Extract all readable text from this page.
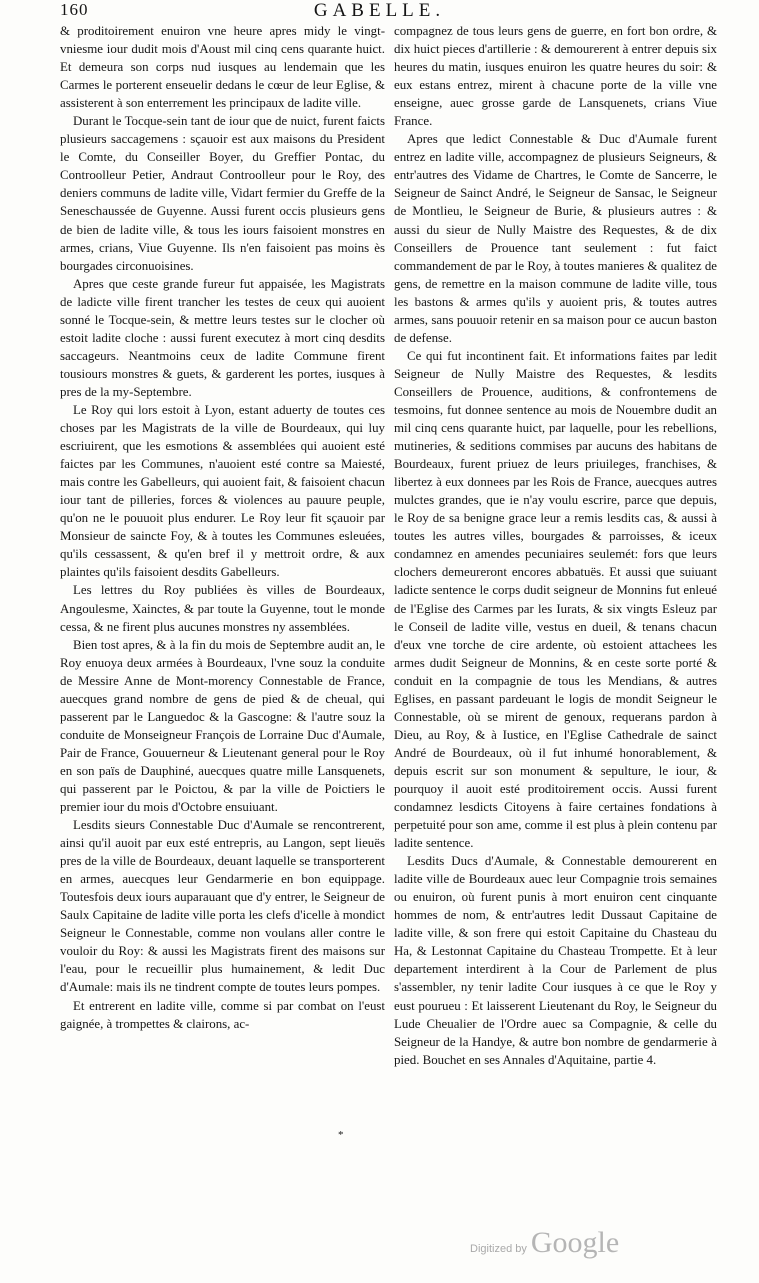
160	GABELLE.

& proditoirement enuiron vne heure apres midy le vingt-vniesme iour dudit mois d'Aoust mil cinq cens quarante huict. Et demeura son corps nud iusques au lendemain que les Carmes le porterent enseuelir dedans le cœur de leur Eglise, & assisterent à son enterrement les principaux de ladite ville.

Durant le Tocque-sein tant de iour que de nuict, furent faicts plusieurs saccagemens : sçauoir est aux maisons du President le Comte, du Conseiller Boyer, du Greffier Pontac, du Controolleur Petier, Andraut Controolleur pour le Roy, des deniers communs de ladite ville, Vidart fermier du Greffe de la Seneschaussée de Guyenne. Aussi furent occis plusieurs gens de bien de ladite ville, & tous les iours faisoient monstres en armes, crians, Viue Guyenne. Ils n'en faisoient pas moins ès bourgades circonuoisines.

Apres que ceste grande fureur fut appaisée, les Magistrats de ladicte ville firent trancher les testes de ceux qui auoient sonné le Tocque-sein, & mettre leurs testes sur le clocher où estoit ladite cloche : aussi furent executez à mort cinq desdits saccageurs. Neantmoins ceux de ladite Commune firent tousiours monstres & guets, & garderent les portes, iusques à pres de la my-Septembre.

Le Roy qui lors estoit à Lyon, estant aduerty de toutes ces choses par les Magistrats de la ville de Bourdeaux, qui luy escriuirent, que les esmotions & assemblées qui auoient esté faictes par les Communes, n'auoient esté contre sa Maiesté, mais contre les Gabelleurs, qui auoient fait, & faisoient chacun iour tant de pilleries, forces & violences au pauure peuple, qu'on ne le pouuoit plus endurer. Le Roy leur fit sçauoir par Monsieur de saincte Foy, & à toutes les Communes esleuées, qu'ils cessassent, & qu'en bref il y mettroit ordre, & aux plaintes qu'ils faisoient desdits Gabelleurs.

Les lettres du Roy publiées ès villes de Bourdeaux, Angoulesme, Xainctes, & par toute la Guyenne, tout le monde cessa, & ne firent plus aucunes monstres ny assemblées.

Bien tost apres, & à la fin du mois de Septembre audit an, le Roy enuoya deux armées à Bourdeaux, l'vne souz la conduite de Messire Anne de Mont-morency Connestable de France, auecques grand nombre de gens de pied & de cheual, qui passerent par le Languedoc & la Gascogne: & l'autre souz la conduite de Monseigneur François de Lorraine Duc d'Aumale, Pair de France, Gouuerneur & Lieutenant general pour le Roy en son païs de Dauphiné, auecques quatre mille Lansquenets, qui passerent par le Poictou, & par la ville de Poictiers le premier iour du mois d'Octobre ensuiuant.

Lesdits sieurs Connestable Duc d'Aumale se rencontrerent, ainsi qu'il auoit par eux esté entrepris, au Langon, sept lieuës pres de la ville de Bourdeaux, deuant laquelle se transporterent en armes, auecques leur Gendarmerie en bon equippage. Toutesfois deux iours auparauant que d'y entrer, le Seigneur de Saulx Capitaine de ladite ville porta les clefs d'icelle à mondict Seigneur le Connestable, comme non voulans aller contre le vouloir du Roy: & aussi les Magistrats firent des maisons sur l'eau, pour le recueillir plus humainement, & ledit Duc d'Aumale: mais ils ne tindrent compte de toutes leurs pompes.

Et entrerent en ladite ville, comme si par combat on l'eust gaignée, à trompettes & clairons, ac-

compagnez de tous leurs gens de guerre, en fort bon ordre, & dix huict pieces d'artillerie : & demourerent à entrer depuis six heures du matin, iusques enuiron les quatre heures du soir: & eux estans entrez, mirent à chacune porte de la ville vne enseigne, auec grosse garde de Lansquenets, crians Viue France.

Apres que ledict Connestable & Duc d'Aumale furent entrez en ladite ville, accompagnez de plusieurs Seigneurs, & entr'autres des Vidame de Chartres, le Comte de Sancerre, le Seigneur de Sainct André, le Seigneur de Sansac, le Seigneur de Montlieu, le Seigneur de Burie, & plusieurs autres : & aussi du sieur de Nully Maistre des Requestes, & de dix Conseillers de Prouence tant seulement : fut faict commandement de par le Roy, à toutes manieres & qualitez de gens, de remettre en la maison commune de ladite ville, tous les bastons & armes qu'ils y auoient pris, & toutes autres armes, sans pouuoir retenir en sa maison pour ce aucun baston de defense.

Ce qui fut incontinent fait. Et informations faites par ledit Seigneur de Nully Maistre des Requestes, & lesdits Conseillers de Prouence, auditions, & confrontemens de tesmoins, fut donnee sentence au mois de Nouembre dudit an mil cinq cens quarante huict, par laquelle, pour les rebellions, mutineries, & seditions commises par aucuns des habitans de Bourdeaux, furent priuez de leurs priuileges, franchises, & libertez à eux donnees par les Rois de France, auecques autres mulctes grandes, que ie n'ay voulu escrire, parce que depuis, le Roy de sa benigne grace leur a remis lesdits cas, & aussi à toutes les autres villes, bourgades & parroisses, & iceux condamnez en amendes pecuniaires seulemét: fors que leurs clochers demeureront encores abbatuës. Et aussi que suiuant ladicte sentence le corps dudit seigneur de Monnins fut enleué de l'Eglise des Carmes par les Iurats, & six vingts Esleuz par le Conseil de ladite ville, vestus en dueil, & tenans chacun d'eux vne torche de cire ardente, où estoient attachees les armes dudit Seigneur de Monnins, & en ceste sorte porté & conduit en la compagnie de tous les Mendians, & autres Eglises, en passant pardeuant le logis de mondit Seigneur le Connestable, où se mirent de genoux, requerans pardon à Dieu, au Roy, & à Iustice, en l'Eglise Cathedrale de sainct André de Bourdeaux, où il fut inhumé honorablement, & depuis escrit sur son monument & sepulture, le iour, & pourquoy il auoit esté proditoirement occis. Aussi furent condamnez lesdicts Citoyens à faire certaines fondations à perpetuité pour son ame, comme il est plus à plein contenu par ladite sentence.

Lesdits Ducs d'Aumale, & Connestable demourerent en ladite ville de Bourdeaux auec leur Compagnie trois semaines ou enuiron, où furent punis à mort enuiron cent cinquante hommes de nom, & entr'autres ledit Dussaut Capitaine de ladite ville, & son frere qui estoit Capitaine du Chasteau du Ha, & Lestonnat Capitaine du Chasteau Trompette. Et à leur departement interdirent à la Cour de Parlement de plus s'assembler, ny tenir ladite Cour iusques à ce que le Roy y eust pourueu : Et laisserent Lieutenant du Roy, le Seigneur du Lude Cheualier de l'Ordre auec sa Compagnie, & celle du Seigneur de la Handye, & autre bon nombre de gendarmerie à pied. Bouchet en ses Annales d'Aquitaine, partie 4.

*
Digitized by Google
